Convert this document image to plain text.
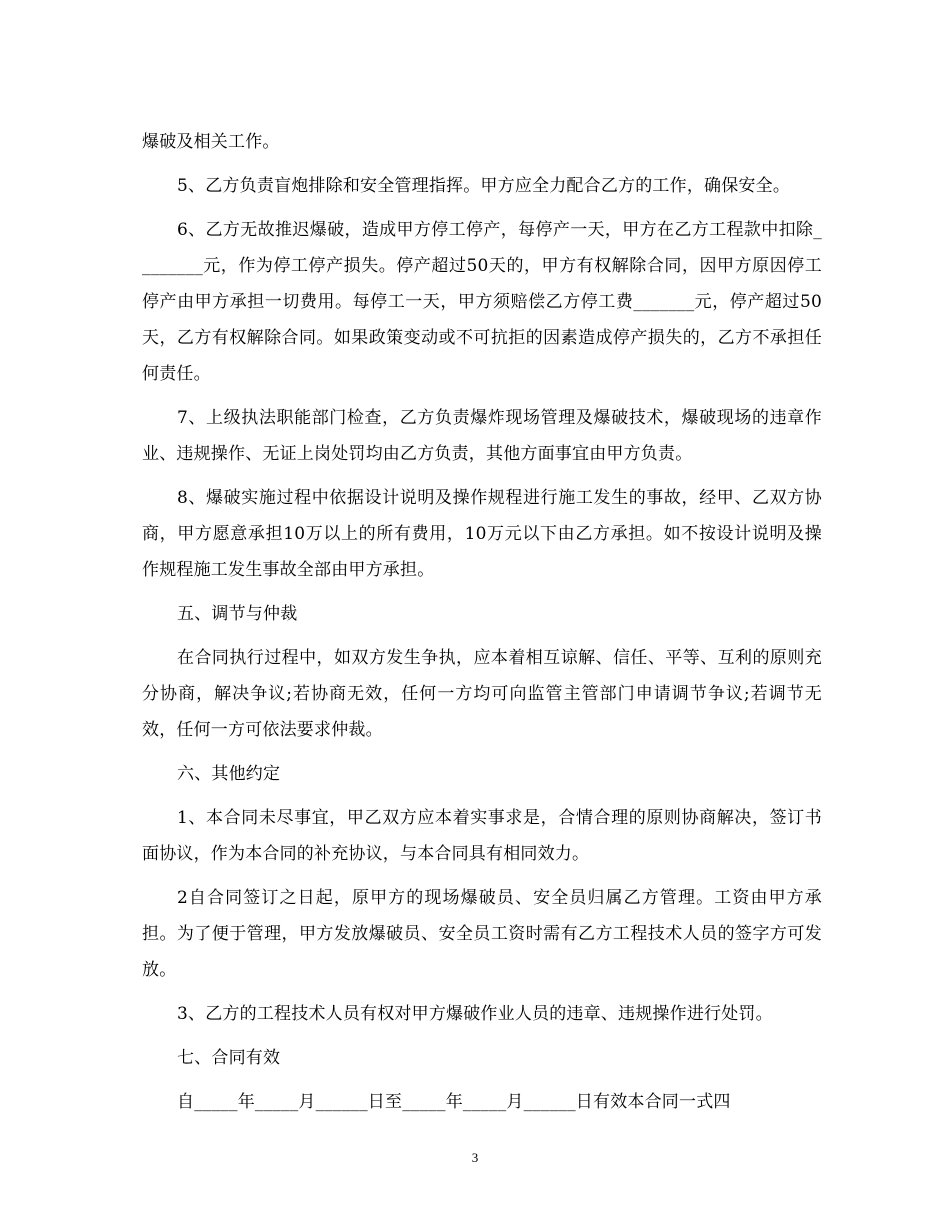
爆破及相关工作。

5、乙方负责盲炮排除和安全管理指挥。甲方应全力配合乙方的工作，确保安全。

6、乙方无故推迟爆破，造成甲方停工停产，每停产一天，甲方在乙方工程款中扣除________元，作为停工停产损失。停产超过50天的，甲方有权解除合同，因甲方原因停工停产由甲方承担一切费用。每停工一天，甲方须赔偿乙方停工费_______元，停产超过50天，乙方有权解除合同。如果政策变动或不可抗拒的因素造成停产损失的，乙方不承担任何责任。

7、上级执法职能部门检查，乙方负责爆炸现场管理及爆破技术，爆破现场的违章作业、违规操作、无证上岗处罚均由乙方负责，其他方面事宜由甲方负责。

8、爆破实施过程中依据设计说明及操作规程进行施工发生的事故，经甲、乙双方协商，甲方愿意承担10万以上的所有费用，10万元以下由乙方承担。如不按设计说明及操作规程施工发生事故全部由甲方承担。

五、调节与仲裁

在合同执行过程中，如双方发生争执，应本着相互谅解、信任、平等、互利的原则充分协商，解决争议;若协商无效，任何一方均可向监管主管部门申请调节争议;若调节无效，任何一方可依法要求仲裁。

六、其他约定

1、本合同未尽事宜，甲乙双方应本着实事求是，合情合理的原则协商解决，签订书面协议，作为本合同的补充协议，与本合同具有相同效力。

2自合同签订之日起，原甲方的现场爆破员、安全员归属乙方管理。工资由甲方承担。为了便于管理，甲方发放爆破员、安全员工资时需有乙方工程技术人员的签字方可发放。

3、乙方的工程技术人员有权对甲方爆破作业人员的违章、违规操作进行处罚。

七、合同有效

自_____年_____月______日至_____年_____月______日有效本合同一式四

3
